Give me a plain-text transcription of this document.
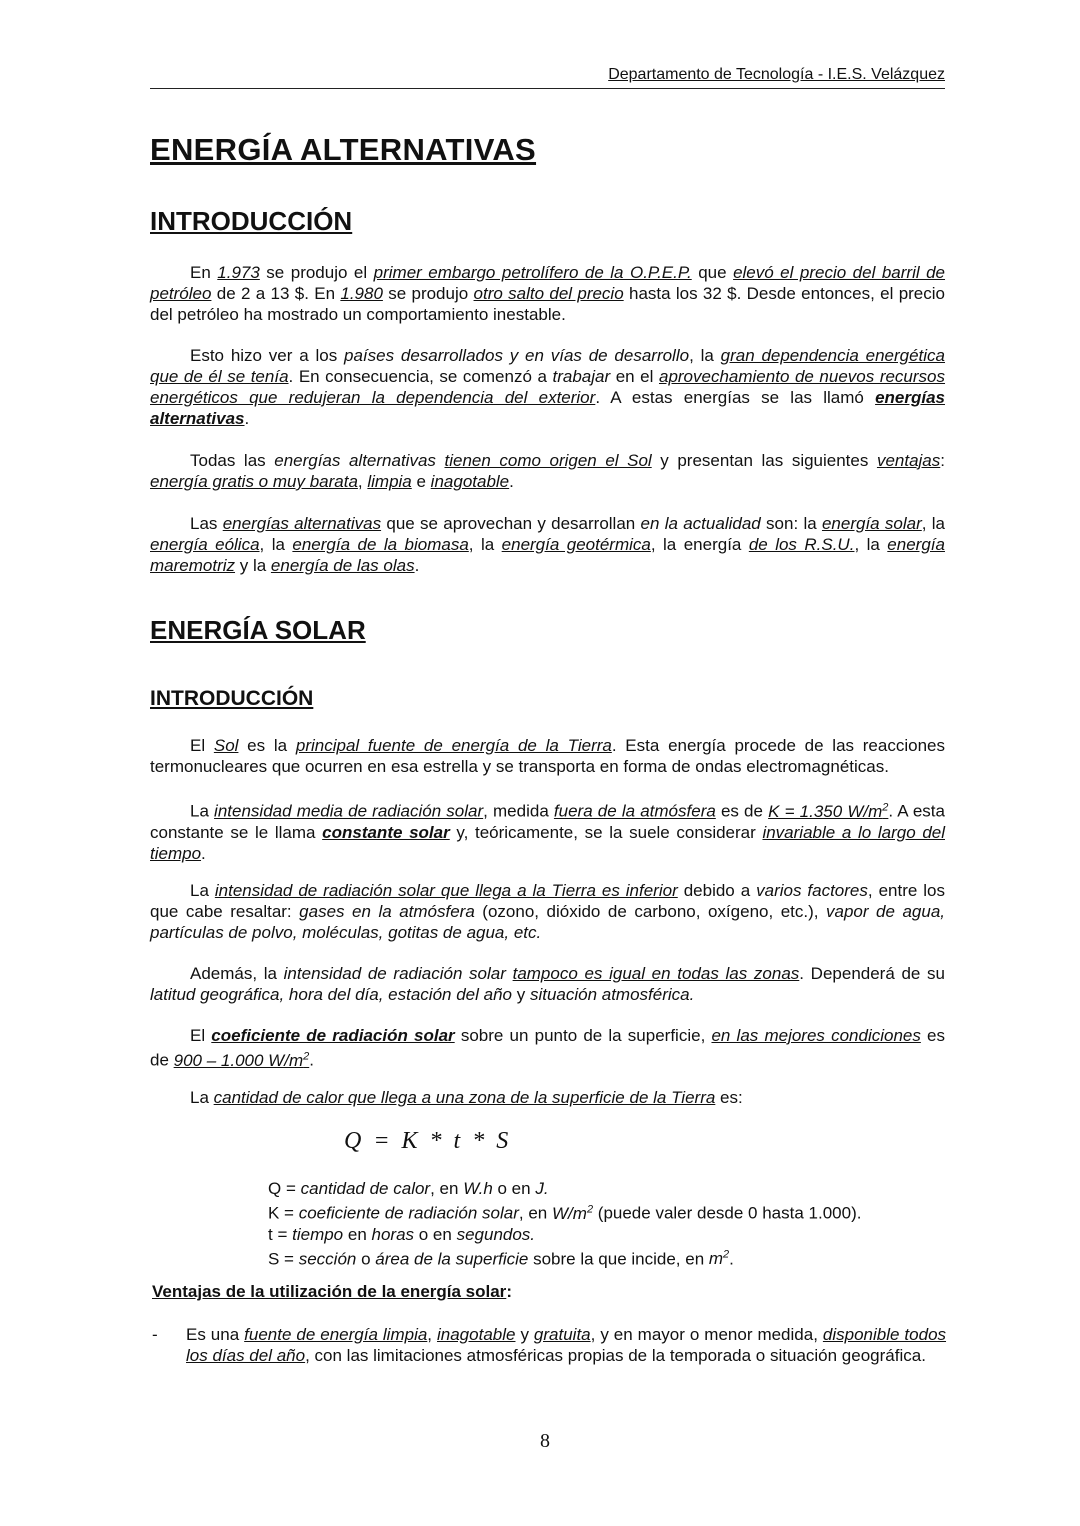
Departamento de Tecnología - I.E.S. Velázquez
ENERGÍA ALTERNATIVAS
INTRODUCCIÓN

En 1.973 se produjo el primer embargo petrolífero de la O.P.E.P. que elevó el precio del barril de petróleo de 2 a 13 $. En 1.980 se produjo otro salto del precio hasta los 32 $. Desde entonces, el precio del petróleo ha mostrado un comportamiento inestable.

Esto hizo ver a los países desarrollados y en vías de desarrollo, la gran dependencia energética que de él se tenía. En consecuencia, se comenzó a trabajar en el aprovechamiento de nuevos recursos energéticos que redujeran la dependencia del exterior. A estas energías se las llamó energías alternativas.

Todas las energías alternativas tienen como origen el Sol y presentan las siguientes ventajas: energía gratis o muy barata, limpia e inagotable.

Las energías alternativas que se aprovechan y desarrollan en la actualidad son: la energía solar, la energía eólica, la energía de la biomasa, la energía geotérmica, la energía de los R.S.U., la energía maremotriz y la energía de las olas.

ENERGÍA SOLAR
INTRODUCCIÓN

El Sol es la principal fuente de energía de la Tierra. Esta energía procede de las reacciones termonucleares que ocurren en esa estrella y se transporta en forma de ondas electromagnéticas.

La intensidad media de radiación solar, medida fuera de la atmósfera es de K = 1.350 $W/m^2$. A esta constante se le llama constante solar y, teóricamente, se la suele considerar invariable a lo largo del tiempo.

La intensidad de radiación solar que llega a la Tierra es inferior debido a varios factores, entre los que cabe resaltar: gases en la atmósfera (ozono, dióxido de carbono, oxígeno, etc.), vapor de agua, partículas de polvo, moléculas, gotitas de agua, etc.

Además, la intensidad de radiación solar tampoco es igual en todas las zonas. Dependerá de su latitud geográfica, hora del día, estación del año y situación atmosférica.

El coeficiente de radiación solar sobre un punto de la superficie, en las mejores condiciones es de 900 – 1.000 $W/m^2$.

La cantidad de calor que llega a una zona de la superficie de la Tierra es:

Q = K * t * S
Q = cantidad de calor, en W.h o en J.
K = coeficiente de radiación solar, en $W/m^2$ (puede valer desde 0 hasta 1.000).
t = tiempo en horas o en segundos.
S = sección o área de la superficie sobre la que incide, en $m^2$.
Ventajas de la utilización de la energía solar:
- Es una fuente de energía limpia, inagotable y gratuita, y en mayor o menor medida, disponible todos los días del año, con las limitaciones atmosféricas propias de la temporada o situación geográfica.
8
